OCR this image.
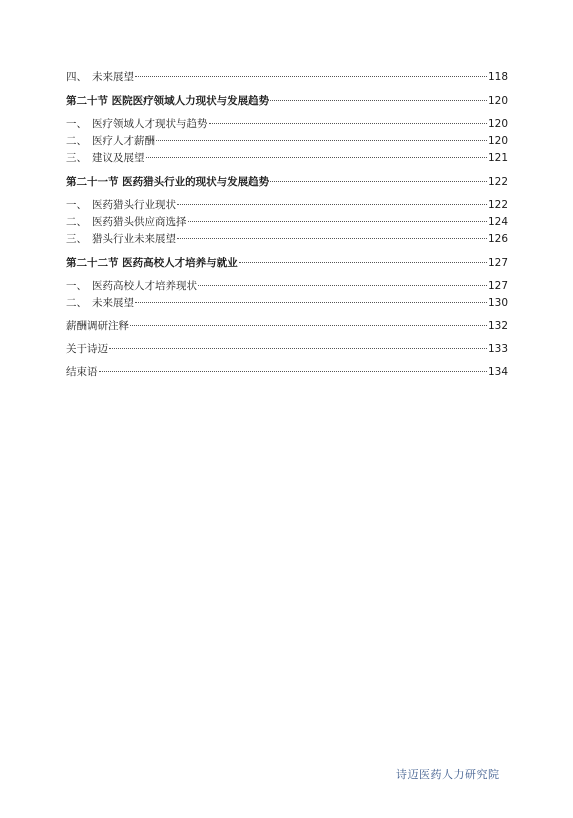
四、 未来展望	118
第二十节 医院医疗领域人力现状与发展趋势	120
一、 医疗领域人才现状与趋势	120
二、 医疗人才薪酬	120
三、 建议及展望	121
第二十一节 医药猎头行业的现状与发展趋势	122
一、 医药猎头行业现状	122
二、 医药猎头供应商选择	124
三、 猎头行业未来展望	126
第二十二节 医药高校人才培养与就业	127
一、 医药高校人才培养现状	127
二、 未来展望	130
薪酬调研注释	132
关于诗迈	133
结束语	134
诗迈医药人力研究院
